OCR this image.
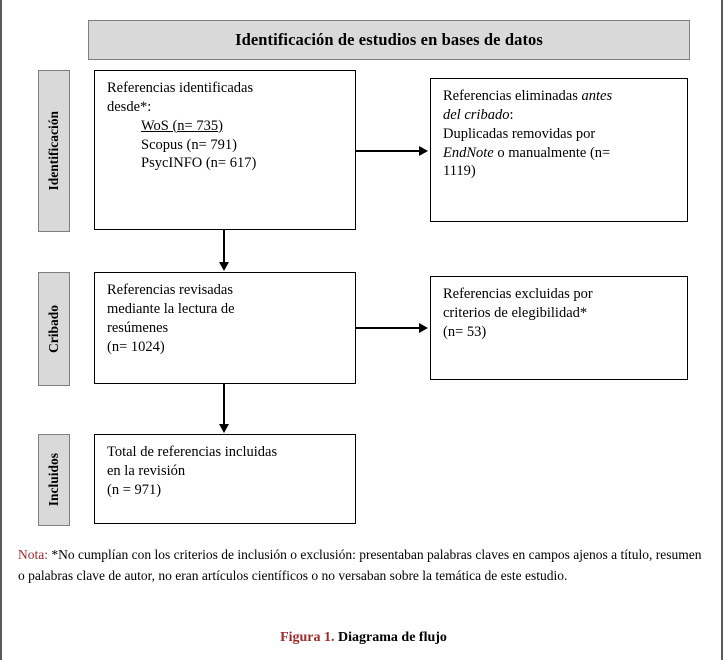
Identificación de estudios en bases de datos
Identificación
Cribado
Incluidos
Referencias identificadas
desde*:
WoS (n= 735)
Scopus (n= 791)
PsycINFO (n= 617)
Referencias eliminadas antes
del cribado:
Duplicadas removidas por
EndNote o manualmente (n=
1119)
Referencias revisadas
mediante la lectura de
resúmenes
(n= 1024)
Referencias excluidas por
criterios de elegibilidad*
(n= 53)
Total de referencias incluidas
en la revisión
(n = 971)
Nota: *No cumplían con los criterios de inclusión o exclusión: presentaban palabras claves en campos ajenos a título, resumen o palabras clave de autor, no eran artículos científicos o no versaban sobre la temática de este estudio.
Figura 1. Diagrama de flujo
